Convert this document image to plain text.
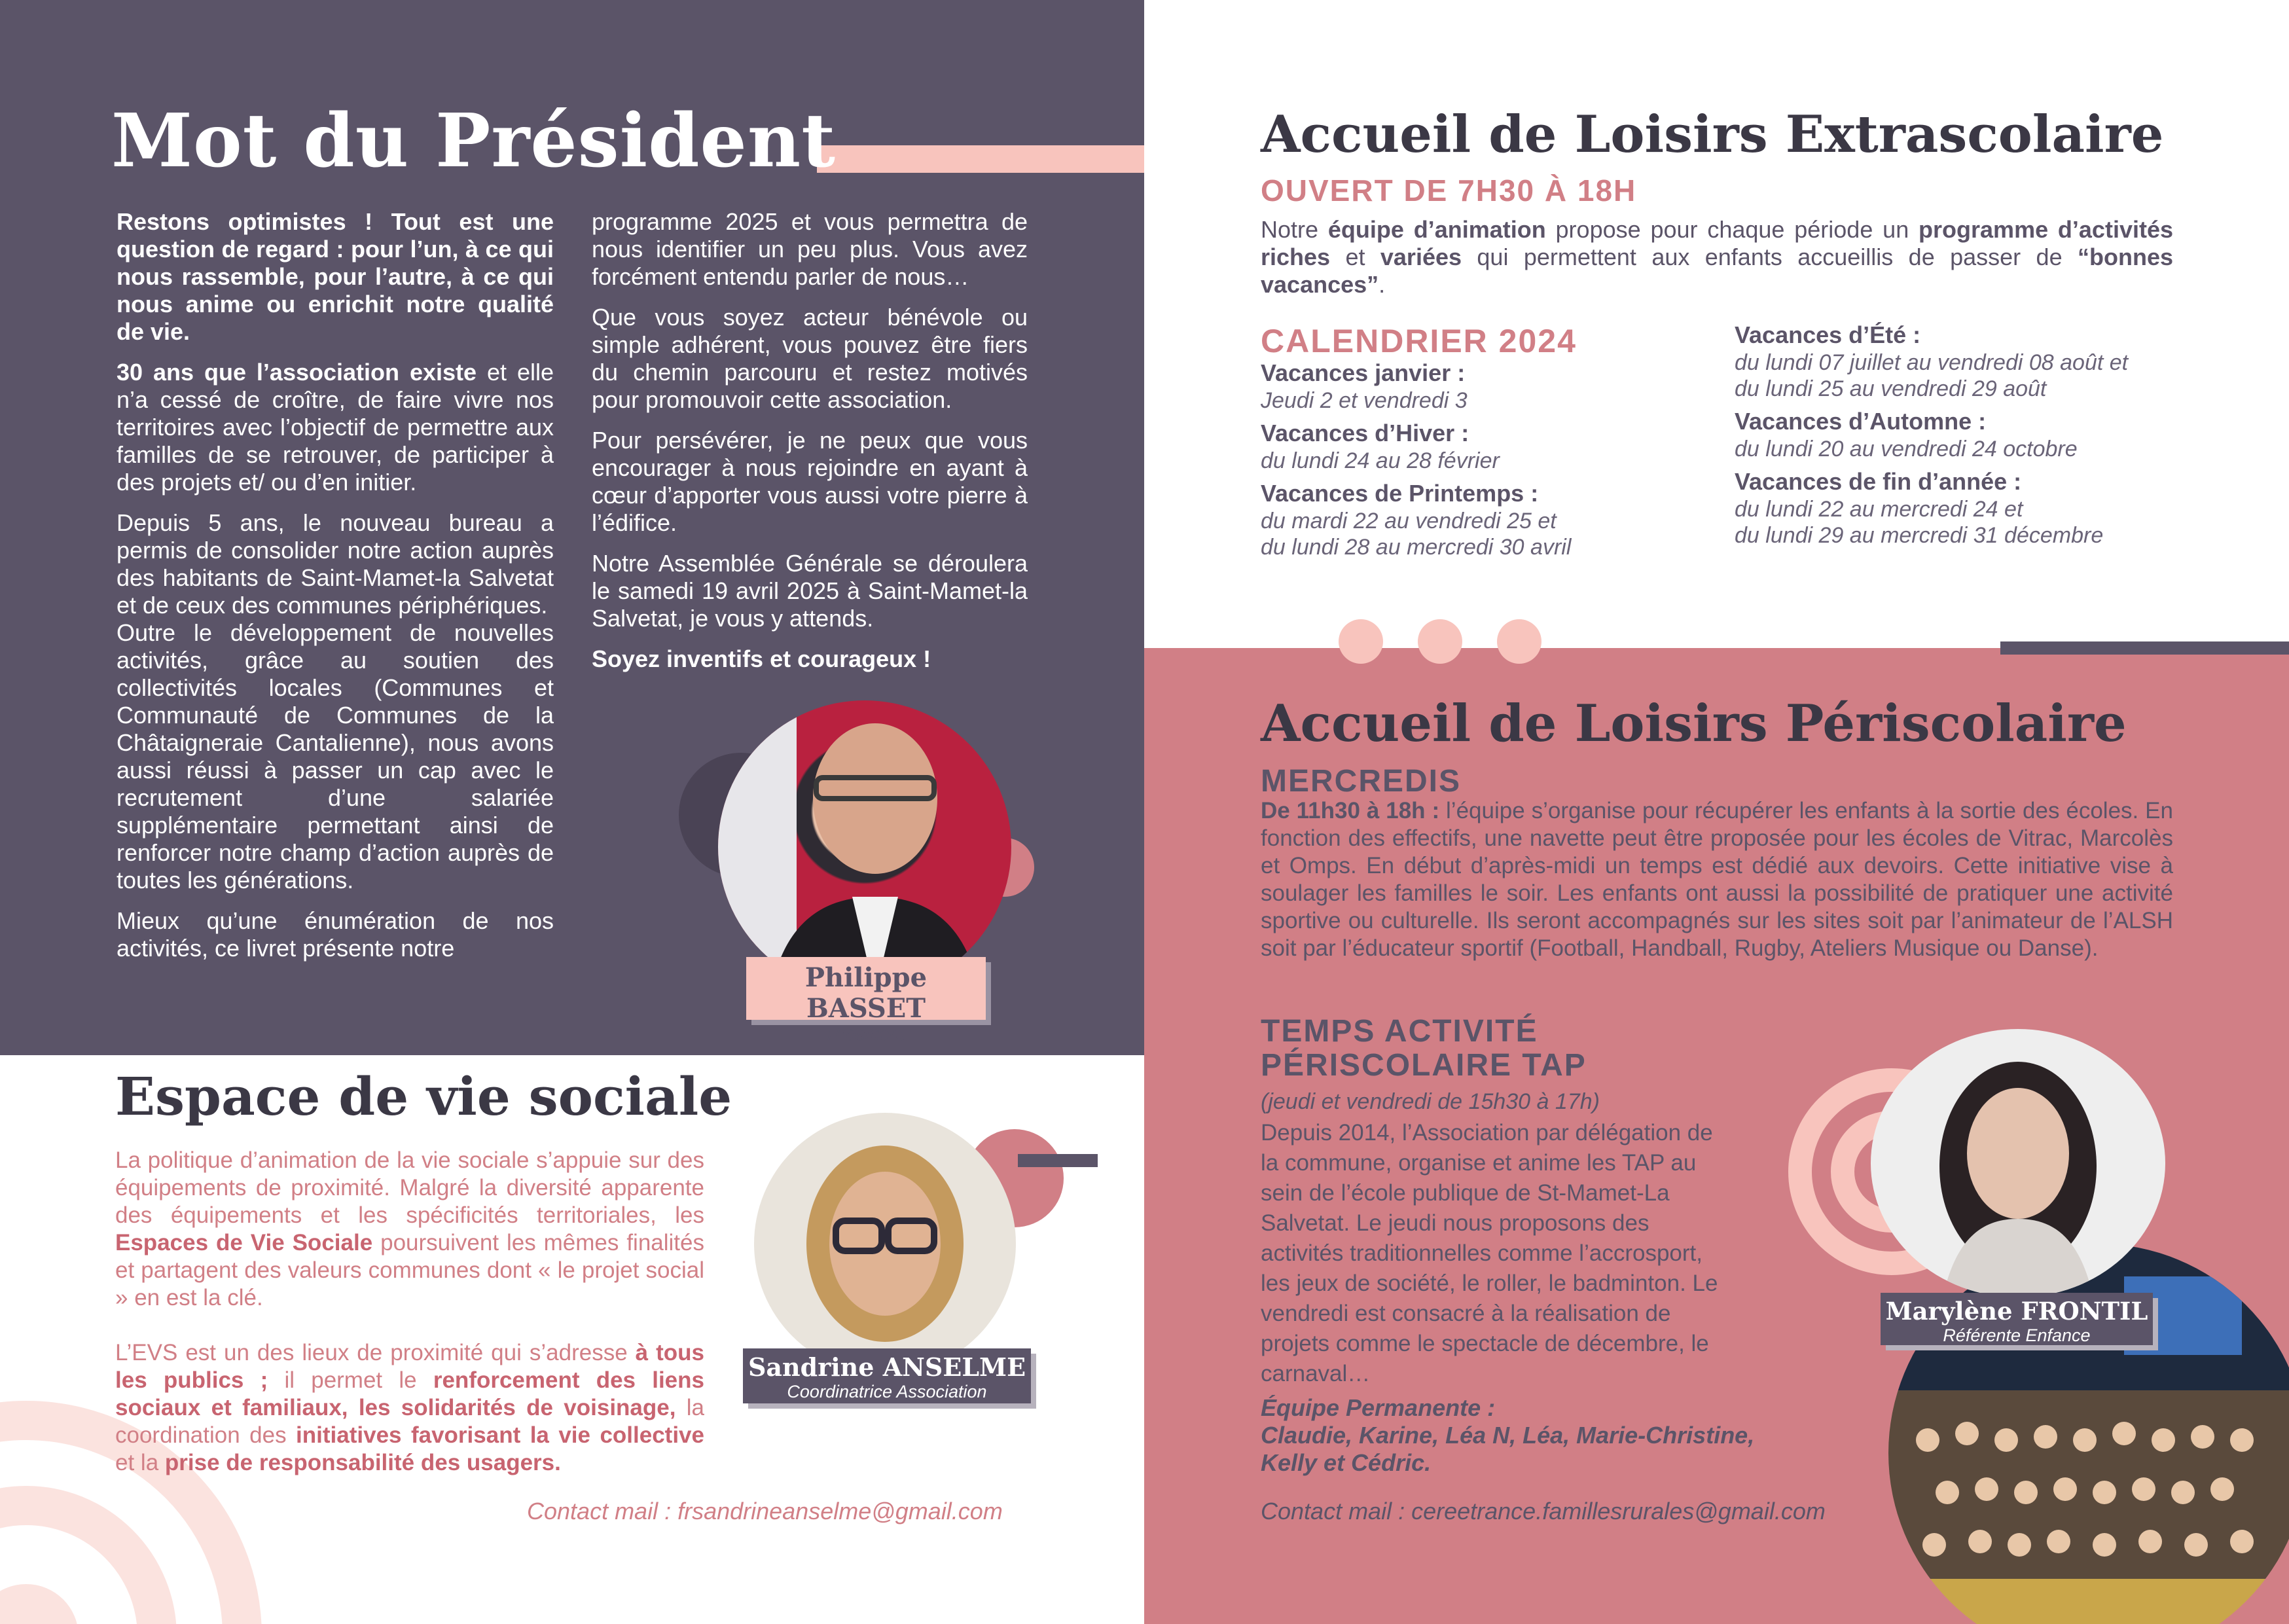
Mot du Président

Restons optimistes ! Tout est une question de regard : pour l’un, à ce qui nous rassemble, pour l’autre, à ce qui nous anime ou enrichit notre qualité de vie.

30 ans que l’association existe et elle n’a cessé de croître, de faire vivre nos territoires avec l’objectif de permettre aux familles de se retrouver, de participer à des projets et/ ou d’en initier.

Depuis 5 ans, le nouveau bureau a permis de consolider notre action auprès des habitants de Saint-Mamet-la Salvetat et de ceux des communes périphériques.

Outre le développement de nouvelles activités, grâce au soutien des collectivités locales (Communes et Communauté de Communes de la Châtaigneraie Cantalienne), nous avons aussi réussi à passer un cap avec le recrutement d’une salariée supplémentaire permettant ainsi de renforcer notre champ d’action auprès de toutes les générations.

Mieux qu’une énumération de nos activités, ce livret présente notre

programme 2025 et vous permettra de nous identifier un peu plus. Vous avez forcément entendu parler de nous…

Que vous soyez acteur bénévole ou simple adhérent, vous pouvez être fiers du chemin parcouru et restez motivés pour promouvoir cette association.

Pour persévérer, je ne peux que vous encourager à nous rejoindre en ayant à cœur d’apporter vous aussi votre pierre à l’édifice.

Notre Assemblée Générale se déroulera le samedi 19 avril 2025 à Saint-Mamet-la Salvetat, je vous y attends.

Soyez inventifs et courageux !

Philippe BASSET
Président
Espace de vie sociale

La politique d’animation de la vie sociale s’appuie sur des équipements de proximité. Malgré la diversité apparente des équipements et les spécificités territoriales, les Espaces de Vie Sociale poursuivent les mêmes finalités et partagent des valeurs communes dont « le projet social » en est la clé.

L’EVS est un des lieux de proximité qui s’adresse à tous les publics ; il permet le renforcement des liens sociaux et familiaux, les solidarités de voisinage, la coordination des initiatives favorisant la vie collective et la prise de responsabilité des usagers.

Contact mail : frsandrineanselme@gmail.com
Sandrine ANSELME
Coordinatrice Association
Accueil de Loisirs Extrascolaire
OUVERT DE 7H30 À 18H
Notre équipe d’animation propose pour chaque période un programme d’activités riches et variées qui permettent aux enfants accueillis de passer de “bonnes vacances”.
CALENDRIER 2024
Vacances janvier :
Jeudi 2 et vendredi 3
Vacances d’Hiver :
du lundi 24 au 28 février
Vacances de Printemps :
du mardi 22 au vendredi 25 et
du lundi 28 au mercredi 30 avril
Vacances d’Été :
du lundi 07 juillet au vendredi 08 août et
du lundi 25 au vendredi 29 août
Vacances d’Automne :
du lundi 20 au vendredi 24 octobre
Vacances de fin d’année :
du lundi 22 au mercredi 24 et
du lundi 29 au mercredi 31 décembre
Accueil de Loisirs Périscolaire
MERCREDIS
De 11h30 à 18h : l’équipe s’organise pour récupérer les enfants à la sortie des écoles. En fonction des effectifs, une navette peut être proposée pour les écoles de Vitrac, Marcolès et Omps. En début d’après-midi un temps est dédié aux devoirs. Cette initiative vise à soulager les familles le soir. Les enfants ont aussi la possibilité de pratiquer une activité sportive ou culturelle. Ils seront accompagnés sur les sites soit par l’animateur de l’ALSH soit par l’éducateur sportif (Football, Handball, Rugby, Ateliers Musique ou Danse).
TEMPS ACTIVITÉ
PÉRISCOLAIRE TAP
(jeudi et vendredi de 15h30 à 17h)
Depuis 2014, l’Association par délégation de la commune, organise et anime les TAP au sein de l’école publique de St-Mamet-La Salvetat. Le jeudi nous proposons des activités traditionnelles comme l’accrosport, les jeux de société, le roller, le badminton. Le vendredi est consacré à la réalisation de projets comme le spectacle de décembre, le carnaval…
Équipe Permanente :
Claudie, Karine, Léa N, Léa, Marie-Christine, Kelly et Cédric.
Contact mail : cereetrance.famillesrurales@gmail.com
Marylène FRONTIL
Référente Enfance
